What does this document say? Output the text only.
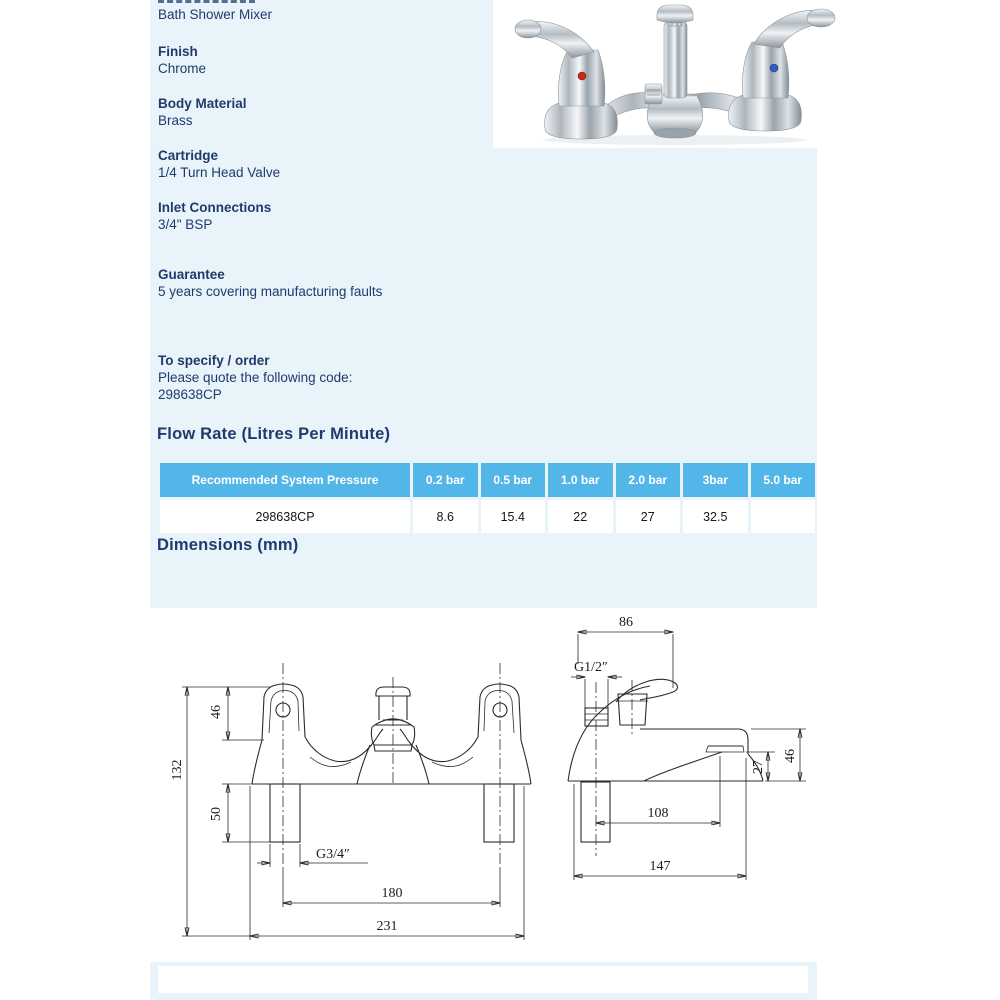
Bath Shower Mixer
Finish
Chrome
Body Material
Brass
Cartridge
1/4 Turn Head Valve
Inlet Connections
3/4" BSP
Guarantee
5 years covering manufacturing faults
To specify / order
Please quote the following code:
298638CP
Flow Rate (Litres Per Minute)
Recommended System Pressure	0.2 bar	0.5 bar	1.0 bar	2.0 bar	3bar	5.0 bar
298638CP	8.6	15.4	22	27	32.5	
Dimensions (mm)
46
132
50
G3/4″
180
231
86
G1/2″
27
46
108
147
